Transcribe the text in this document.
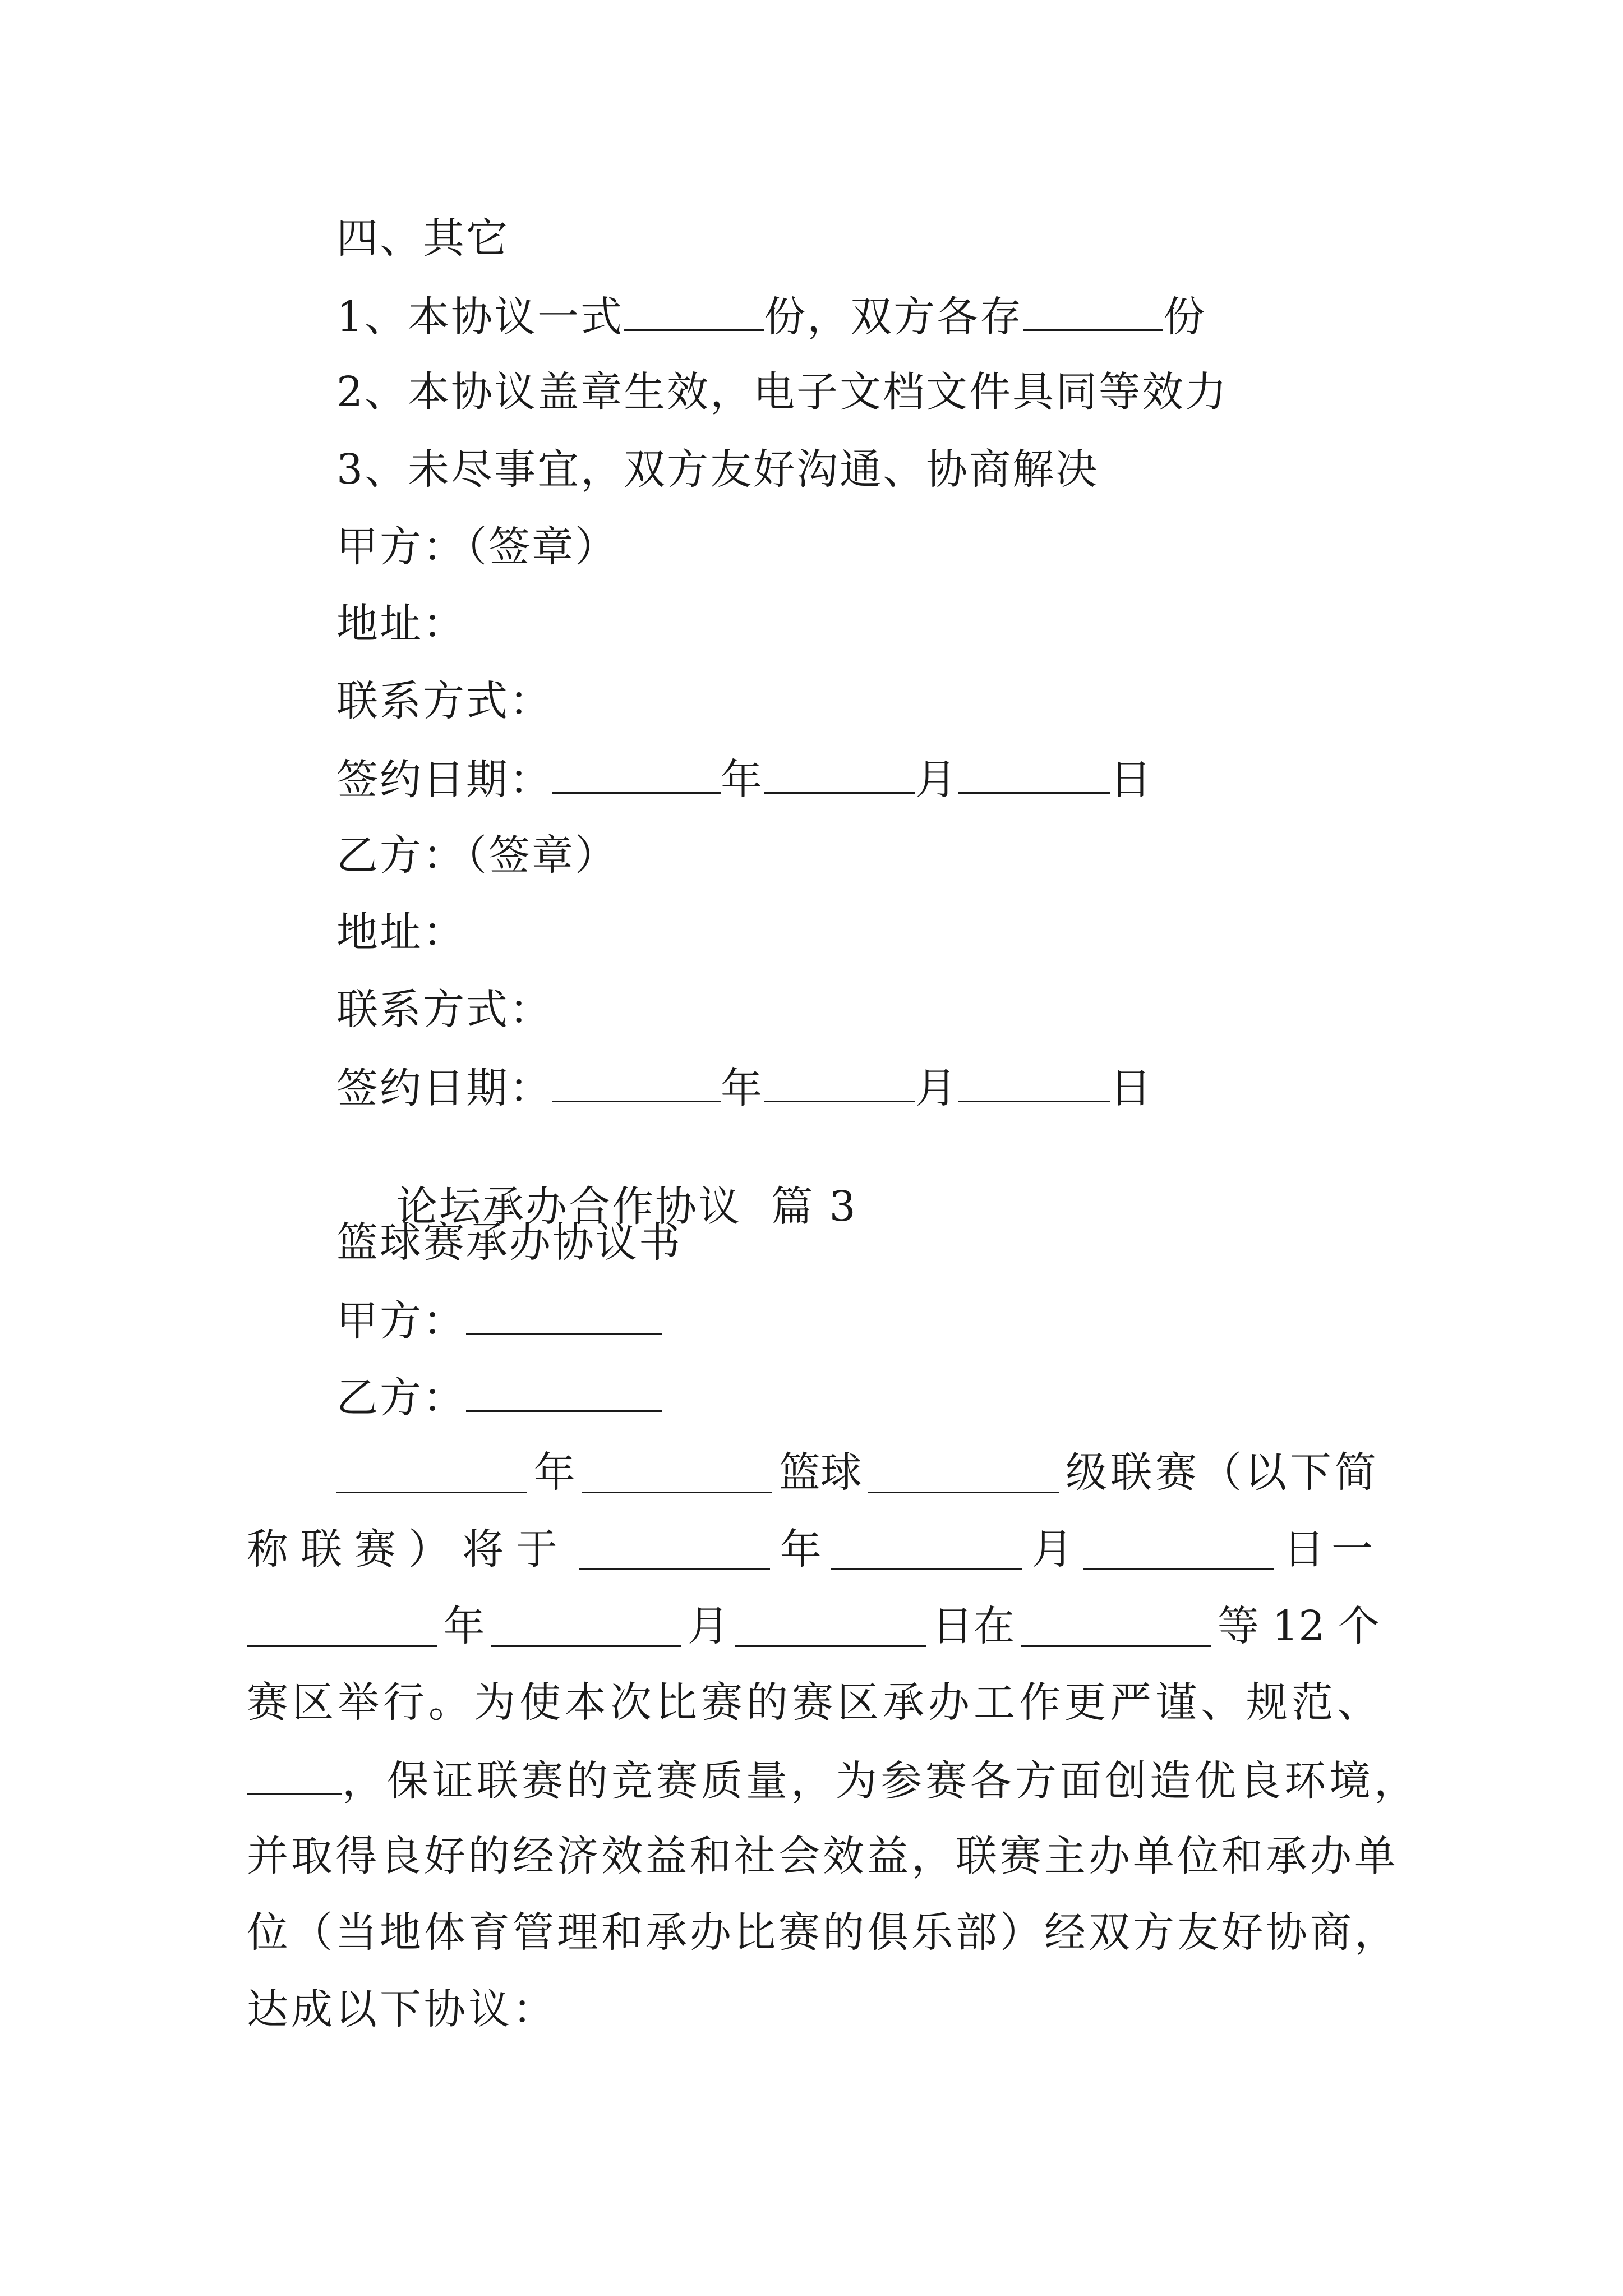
四、其它
1、本协议一式	份，双方各存	份
2、本协议盖章生效，电子文档文件具同等效力
3、未尽事宜，双方友好沟通、协商解决
甲方：（签章）
地址：
联系方式：
签约日期：	年	月	日
乙方：（签章）
地址：
联系方式：
签约日期：	年	月	日

论坛承办合作协议  篇 3

篮球赛承办协议书
甲方：
乙方：
年	篮球	级联赛（以下简
称联赛）将于	年	月	日一
年	月	日在	等 12 个
赛区举行。为使本次比赛的赛区承办工作更严谨、规范、
，保证联赛的竞赛质量，为参赛各方面创造优良环境，
并取得良好的经济效益和社会效益，联赛主办单位和承办单
位（当地体育管理和承办比赛的俱乐部）经双方友好协商，
达成以下协议：
